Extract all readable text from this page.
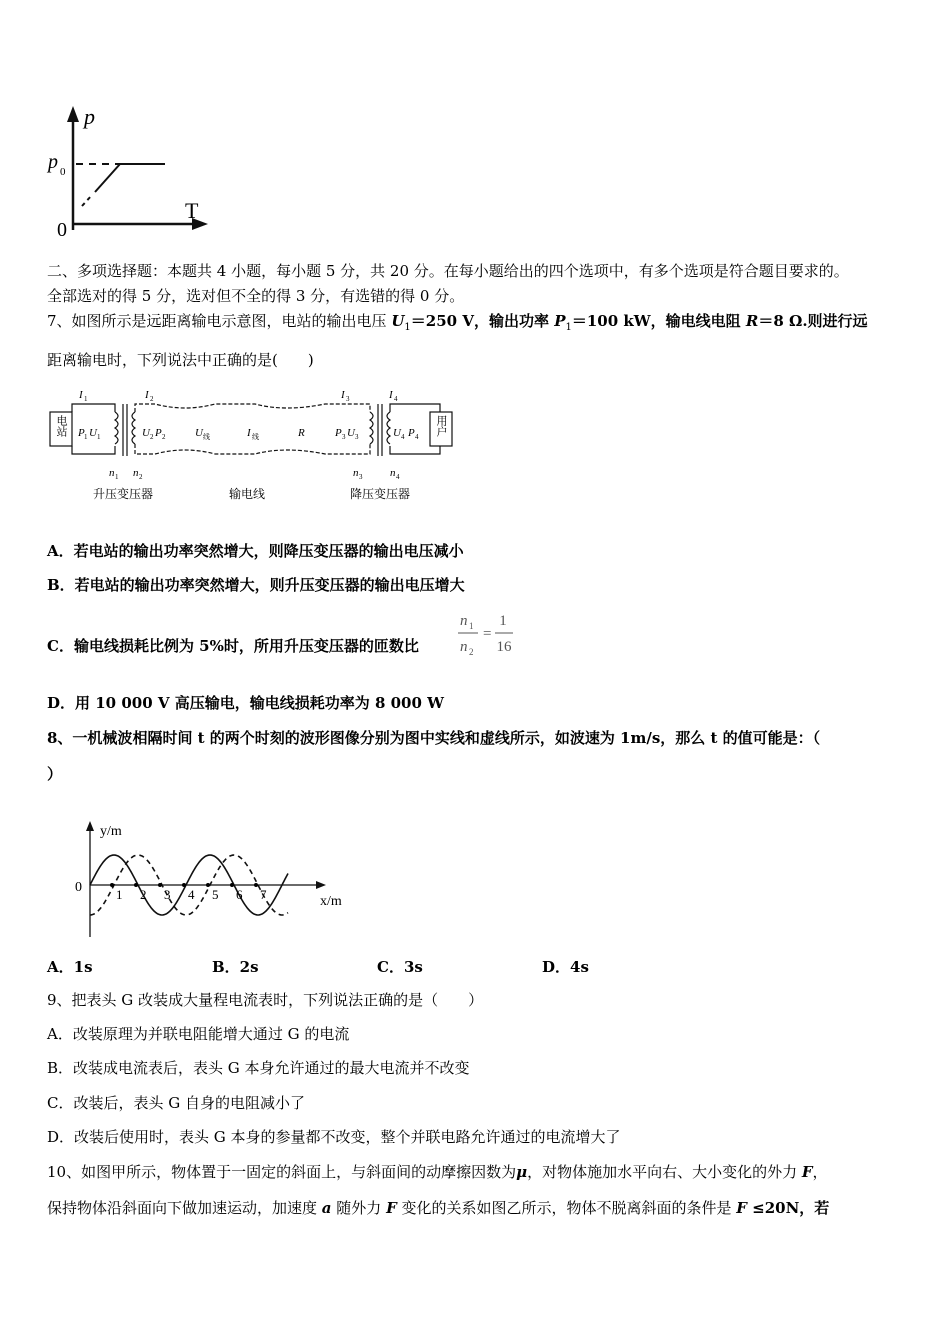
p
T
p 0
0
二、多项选择题：本题共 4 小题，每小题 5 分，共 20 分。在每小题给出的四个选项中，有多个选项是符合题目要求的。
全部选对的得 5 分，选对但不全的得 3 分，有选错的得 0 分。
7、如图所示是远距离输电示意图，电站的输出电压 $U_1=250$ V，输出功率 $P_1=100$ kW，输电线电阻 R＝8 Ω.则进行远
距离输电时，下列说法中正确的是(　　)
电站	用户
I 1	I 2	I 3	I 4
P 1 U 1	U 2 P 2	U 线	I 线	R	P 3 U 3	U 4 P 4
n 1 n 2	n 3	n 4
升压变压器	输电线	降压变压器
A．若电站的输出功率突然增大，则降压变压器的输出电压减小
B．若电站的输出功率突然增大，则升压变压器的输出电压增大
C．输电线损耗比例为 5%时，所用升压变压器的匝数比
n 1
n 2
=
1
16
D．用 10 000 V 高压输电，输电线损耗功率为 8 000 W
8、一机械波相隔时间 t 的两个时刻的波形图像分别为图中实线和虚线所示，如波速为 1m/s，那么 t 的值可能是：（
）
y/m
x/m
0	1 2 3 4 5 6 7
A．1s	B．2s	C．3s	D．4s
9、把表头 G 改装成大量程电流表时，下列说法正确的是（　　）
A．改装原理为并联电阻能增大通过 G 的电流
B．改装成电流表后，表头 G 本身允许通过的最大电流并不改变
C．改装后，表头 G 自身的电阻减小了
D．改装后使用时，表头 G 本身的参量都不改变，整个并联电路允许通过的电流增大了
10、如图甲所示，物体置于一固定的斜面上，与斜面间的动摩擦因数为μ，对物体施加水平向右、大小变化的外力 F，
保持物体沿斜面向下做加速运动，加速度 a 随外力 F 变化的关系如图乙所示，物体不脱离斜面的条件是 F ≤20N，若
